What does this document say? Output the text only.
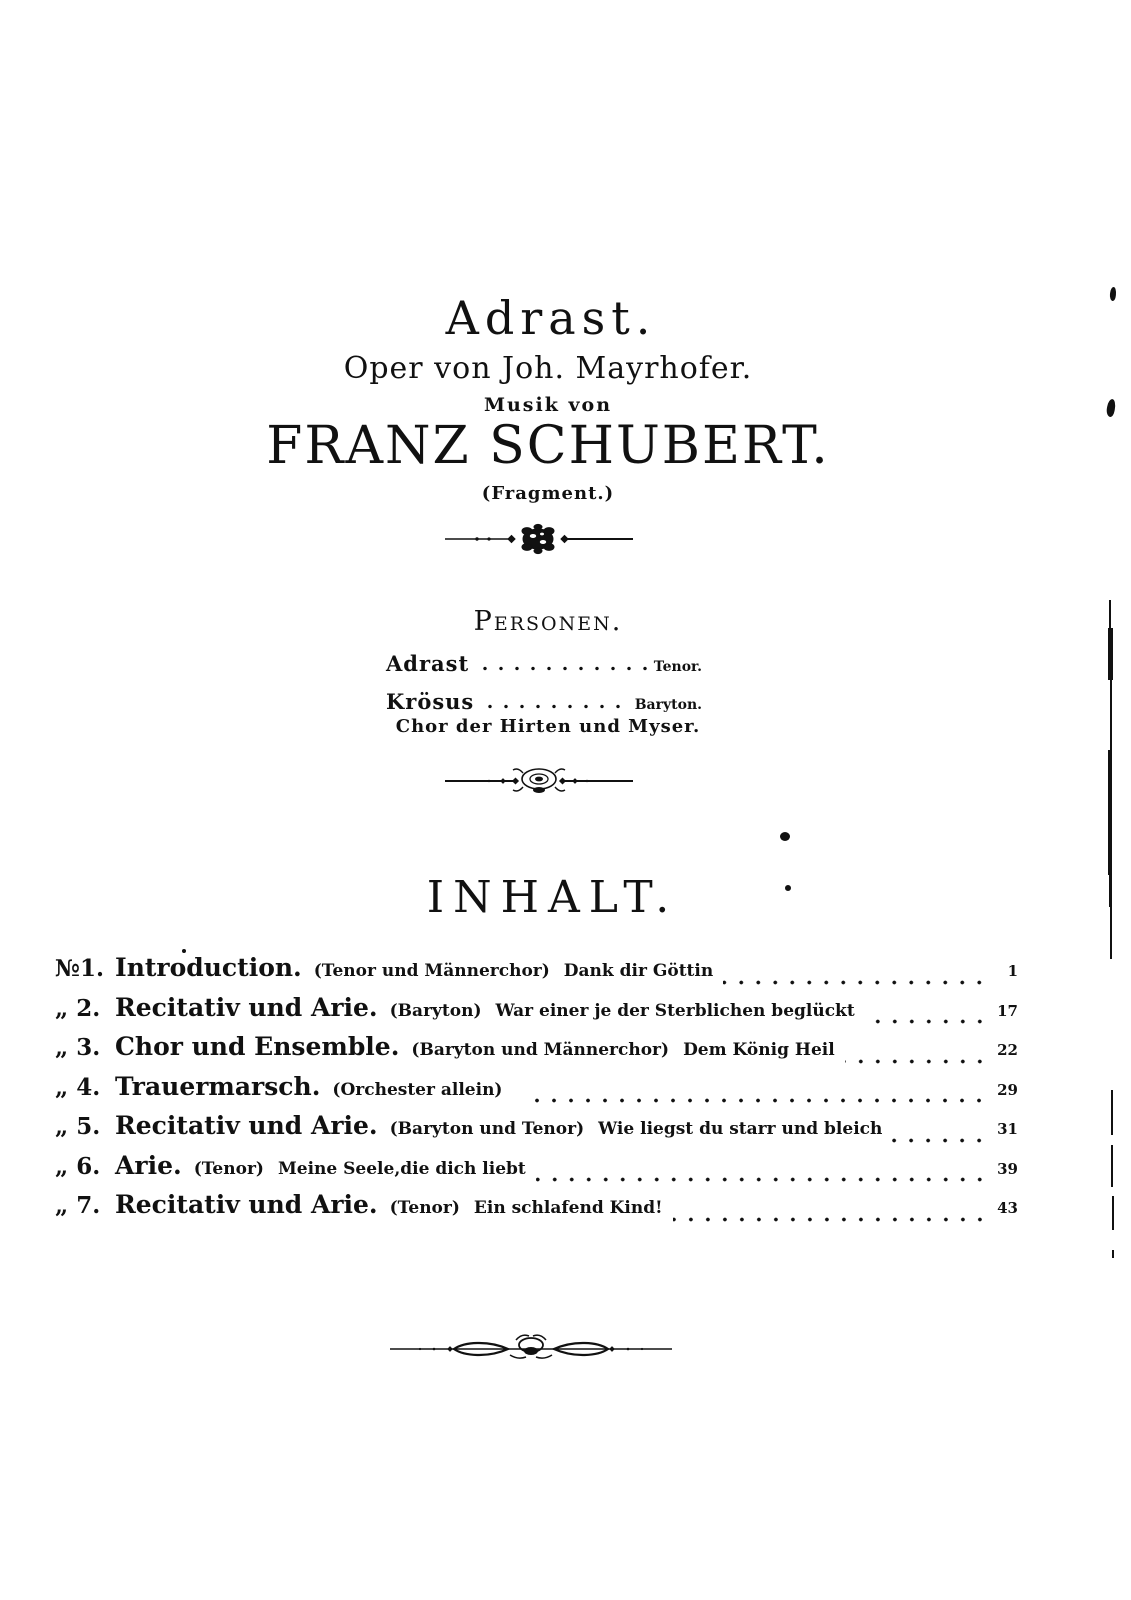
Adrast.
Oper von Joh. Mayrhofer.
Musik von
FRANZ SCHUBERT.
(Fragment.)
Personen.
Adrast	Tenor.
Krösus	Baryton.
Chor der Hirten und Myser.
INHALT.
№1. Introduction. (Tenor und Männerchor) Dank dir Göttin	1
„ 2. Recitativ und Arie. (Baryton) War einer je der Sterblichen beglückt	17
„ 3. Chor und Ensemble. (Baryton und Männerchor) Dem König Heil	22
„ 4. Trauermarsch. (Orchester allein)	29
„ 5. Recitativ und Arie. (Baryton und Tenor) Wie liegst du starr und bleich	31
„ 6. Arie. (Tenor) Meine Seele,die dich liebt	39
„ 7. Recitativ und Arie. (Tenor) Ein schlafend Kind!	43
